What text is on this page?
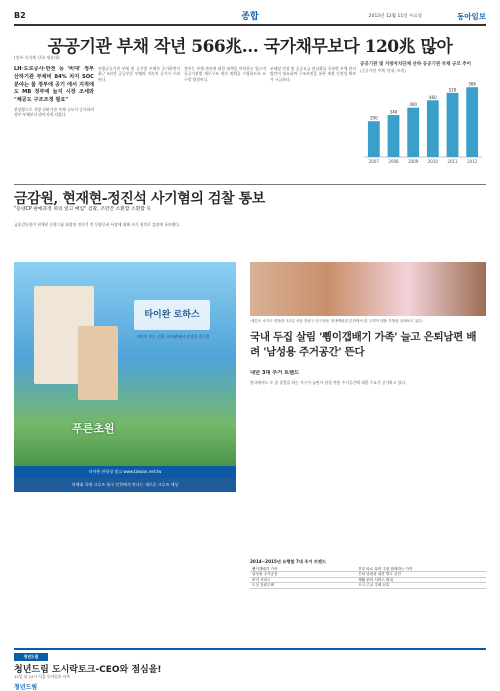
B2	종합	2013년 12월 11일 수요일	동아일보
공공기관 부채 작년 566兆… 국가채무보다 120兆 많아
(정부·지자체 산하 세종대)
LH·도로공사·한전 등 '비대' 정부 산하기관 부채비 84% 차지 SOC 분야는 물 정부에 공기 에서 지적에도 MB 정부에 늘지 시장 조세와 "체공도 구조조정 필요"
현상황으로 지방 산하기관 부채 규모가 증가하여 정부 부채보다 많아지게 되었다.
지방공공기관 부채 및 공기업 부채가 증가하면서 최근 5년간 공공부문 부채의 지속적 증가가 우려된다.
정부는 부채 관리에 대한 대책을 마련하고 있으며 공공기관별 재무구조 개선 계획을 수립하도록 요구할 방침이다.
조세당 인상 및 공공요금 현실화를 포함한 부채 관리 방안이 필요하며 구조조정을 통한 재정 건전성 확보가 시급하다.
공공기관 및 지방자치단체 산하 공공기관 부채 규모 추이
(공공기관 부채, 단위: 조원)
290
2007
340
2008
400
2009
460
2010
520
2011
566
2012
금감원, 현재현-정진석 사기혐의 검찰 통보
"동양CP 판매과정 위의 알고 매입" 검찰, 조만간 소환할 소환할 듯
금융감독원이 현재현 동양그룹 회장과 정진석 전 동양증권 사장에 대해 사기 혐의로 검찰에 통보했다.
타이완 로하스
자연이 주는 선물, 타이완에서 건강한 휴식을
푸른초원
타이완 관광청 광고 www.taiwan.net.tw
차세대 국제 크루즈 항구 인천에서 만나는 새로운 크루즈 세상
'세븐조 소카도 명품전' 12일 서울 강남구 압구정동 현대백화점 본점에서 한 고객이 명품 가방을 살펴보고 있다.
국내 두집 살림 '쀵이갭배기 가족' 늘고 은퇴남편 배려 '남성용 주거공간' 뜬다
내년 3대 주거 트렌드
한국에서도 두 집 살림을 하는 가구가 늘면서 남성 전용 주거공간에 대한 수요가 증가하고 있다.
2014~2015년 유행할 7대 주거 트렌드
쀵이갭배기 가족	부부 따로 살며 주말 함께하는 가족
남성용 주거공간	은퇴 남편을 위한 별도 공간
쿠키 서비스	생활 편의 서비스 확대
도심 전원주택	도시 근교 주택 선호
청년드림
청년드림 도시락토크-CEO와 점심을!
12일 낮 12시 서울 동아일보 사옥
청년드림
